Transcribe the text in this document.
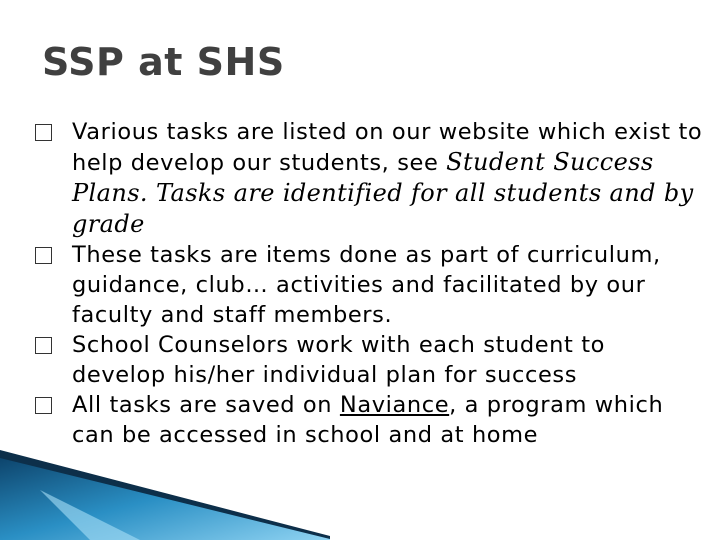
SSP at SHS
Various tasks are listed on our website which exist to help develop our students, see Student Success Plans. Tasks are identified for all students and by grade
These tasks are items done as part of curriculum, guidance, club… activities and facilitated by our faculty and staff members.
School Counselors work with each student to develop his/her individual plan for success
All tasks are saved on Naviance, a program which can be accessed in school and at home
